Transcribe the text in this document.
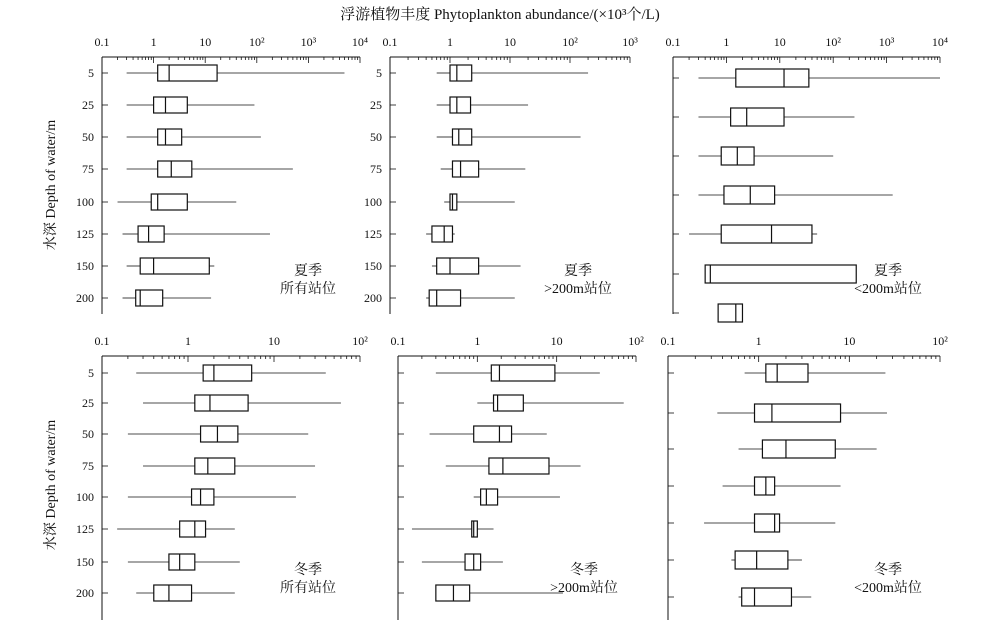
浮游植物丰度 Phytoplankton abundance/(×10³个/L)
0.1	1	10	10²	10³	10⁴
5
25
50
75
100
125
150
200
夏季
所有站位
0.1	1	10	10²	10³
5
25
50
75
100
125
150
200
夏季
>200m站位
0.1	1	10	10²	10³	10⁴
夏季
<200m站位
0.1	1	10	10²
5
25
50
75
100
125
150
200
冬季
所有站位
0.1	1	10	10²
冬季
>200m站位
0.1	1	10	10²
冬季
<200m站位
水深 Depth of water/m
水深 Depth of water/m
